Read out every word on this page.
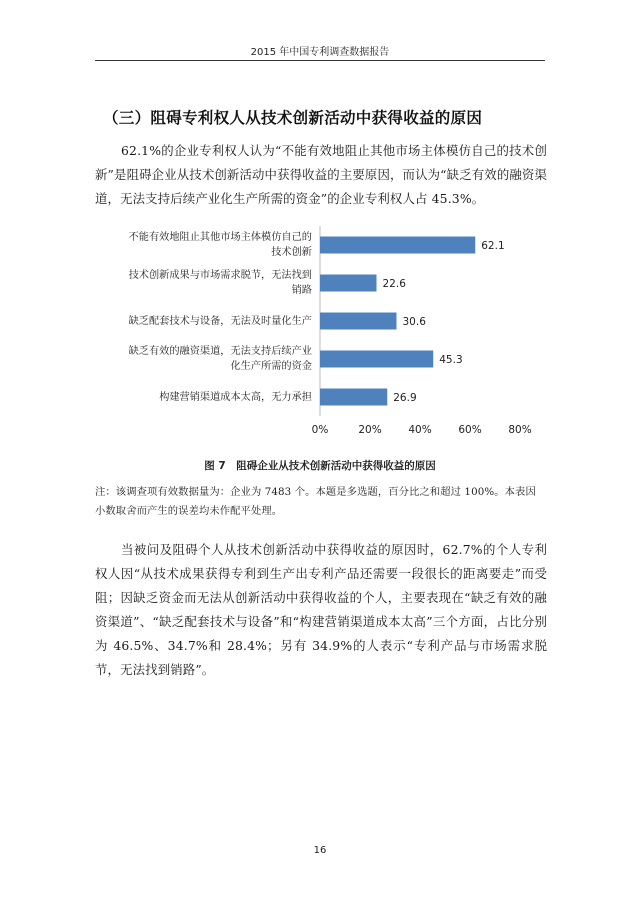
2015 年中国专利调查数据报告
（三）阻碍专利权人从技术创新活动中获得收益的原因
62.1%的企业专利权人认为“不能有效地阻止其他市场主体模仿自己的技术创新”是阻碍企业从技术创新活动中获得收益的主要原因，而认为“缺乏有效的融资渠道，无法支持后续产业化生产所需的资金”的企业专利权人占 45.3%。
62.1
22.6
30.6
45.3
26.9
0%	20%	40%	60%	80%
不能有效地阻止其他市场主体模仿自己的
技术创新
技术创新成果与市场需求脱节，无法找到
销路
缺乏配套技术与设备，无法及时量化生产
缺乏有效的融资渠道，无法支持后续产业
化生产所需的资金
构建营销渠道成本太高，无力承担
图 7　阻碍企业从技术创新活动中获得收益的原因
注：该调查项有效数据量为：企业为 7483 个。本题是多选题，百分比之和超过 100%。本表因小数取舍而产生的误差均未作配平处理。
当被问及阻碍个人从技术创新活动中获得收益的原因时，62.7%的个人专利权人因“从技术成果获得专利到生产出专利产品还需要一段很长的距离要走”而受阻；因缺乏资金而无法从创新活动中获得收益的个人，主要表现在“缺乏有效的融资渠道”、“缺乏配套技术与设备”和“构建营销渠道成本太高”三个方面，占比分别为 46.5%、34.7%和 28.4%；另有 34.9%的人表示“专利产品与市场需求脱节，无法找到销路”。
16
